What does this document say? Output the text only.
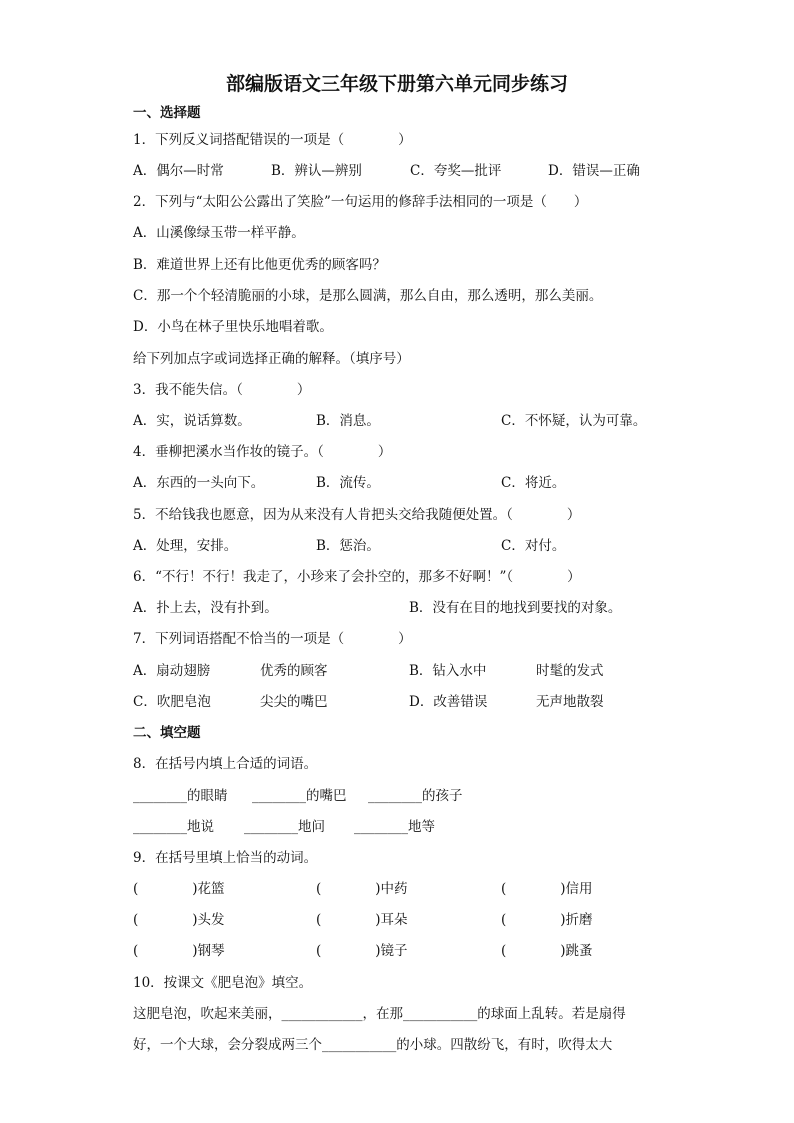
部编版语文三年级下册第六单元同步练习
一、选择题
1．下列反义词搭配错误的一项是（　　　　）
A．偶尔—时常	B．辨认—辨别	C．夸奖—批评	D．错误—正确
2．下列与“太阳公公露出了笑脸”一句运用的修辞手法相同的一项是（　　）
A．山溪像绿玉带一样平静。
B．难道世界上还有比他更优秀的顾客吗？
C．那一个个轻清脆丽的小球，是那么圆满，那么自由，那么透明，那么美丽。
D．小鸟在林子里快乐地唱着歌。
给下列加点字或词选择正确的解释。（填序号）
3．我不能失信。（　　　　）
A．实，说话算数。	B．消息。	C．不怀疑，认为可靠。
4．垂柳把溪水当作妆的镜子。（　　　　）
A．东西的一头向下。	B．流传。	C．将近。
5．不给钱我也愿意，因为从来没有人肯把头交给我随便处置。（　　　　）
A．处理，安排。	B．惩治。	C．对付。
6．“不行！不行！我走了，小珍来了会扑空的，那多不好啊！”（　　　　）
A．扑上去，没有扑到。	B．没有在目的地找到要找的对象。
7．下列词语搭配不恰当的一项是（　　　　）
A．扇动翅膀	优秀的顾客	B．钻入水中	时髦的发式
C．吹肥皂泡	尖尖的嘴巴	D．改善错误	无声地散裂
二、填空题
8．在括号内填上合适的词语。
________的眼睛 ________的嘴巴 ________的孩子
________地说 ________地问 ________地等
9．在括号里填上恰当的动词。
(　　　　)花篮	(　　　　)中药	(　　　　)信用
(　　　　)头发	(　　　　)耳朵	(　　　　)折磨
(　　　　)钢琴	(　　　　)镜子	(　　　　)跳蚤
10．按课文《肥皂泡》填空。
这肥皂泡，吹起来美丽，____________，在那___________的球面上乱转。若是扇得
好，一个大球，会分裂成两三个___________的小球。四散纷飞，有时，吹得太大
